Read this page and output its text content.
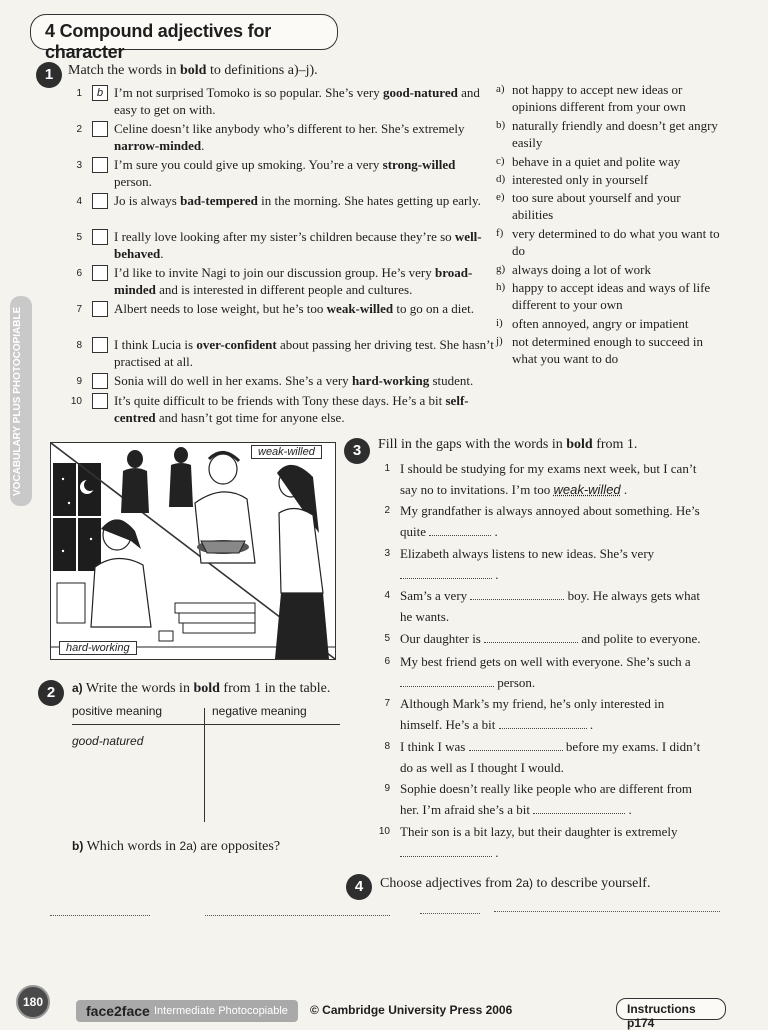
4 Compound adjectives for character
1	Match the words in bold to definitions a)–j).
1	b I’m not surprised Tomoko is so popular. She’s very good-natured and easy to get on with.
2 Celine doesn’t like anybody who’s different to her. She’s extremely narrow-minded.
3 I’m sure you could give up smoking. You’re a very strong-willed person.
4 Jo is always bad-tempered in the morning. She hates getting up early.
5 I really love looking after my sister’s children because they’re so well-behaved.
6 I’d like to invite Nagi to join our discussion group. He’s very broad-minded and is interested in different people and cultures.
7 Albert needs to lose weight, but he’s too weak-willed to go on a diet.
8 I think Lucia is over-confident about passing her driving test. She hasn’t practised at all.
9 Sonia will do well in her exams. She’s a very hard-working student.
10 It’s quite difficult to be friends with Tony these days. He’s a bit self-centred and hasn’t got time for anyone else.
a) not happy to accept new ideas or opinions different from your own
b) naturally friendly and doesn’t get angry easily
c) behave in a quiet and polite way
d) interested only in yourself
e) too sure about yourself and your abilities
f) very determined to do what you want to do
g) always doing a lot of work
h) happy to accept ideas and ways of life different to your own
i) often annoyed, angry or impatient
j) not determined enough to succeed in what you want to do
VOCABULARY PLUS PHOTOCOPIABLE	weak-willed
hard-working
2	a) Write the words in bold from 1 in the table.
positive meaning	negative meaning
good-natured
b) Which words in 2a) are opposites?
3	Fill in the gaps with the words in bold from 1.
1 I should be studying for my exams next week, but I can’t
say no to invitations. I’m too weak-willed .
2 My grandfather is always annoyed about something. He’s
quite	.
3 Elizabeth always listens to new ideas. She’s very
.
4 Sam’s a very	boy. He always gets what
he wants.
5 Our daughter is	and polite to everyone.
6 My best friend gets on well with everyone. She’s such a
person.
7 Although Mark’s my friend, he’s only interested in
himself. He’s a bit	.
8 I think I was	before my exams. I didn’t
do as well as I thought I would.
9 Sophie doesn’t really like people who are different from
her. I’m afraid she’s a bit	.
10 Their son is a bit lazy, but their daughter is extremely
.
4	Choose adjectives from 2a) to describe yourself.
180
face2face Intermediate Photocopiable © Cambridge University Press 2006	Instructions p174
